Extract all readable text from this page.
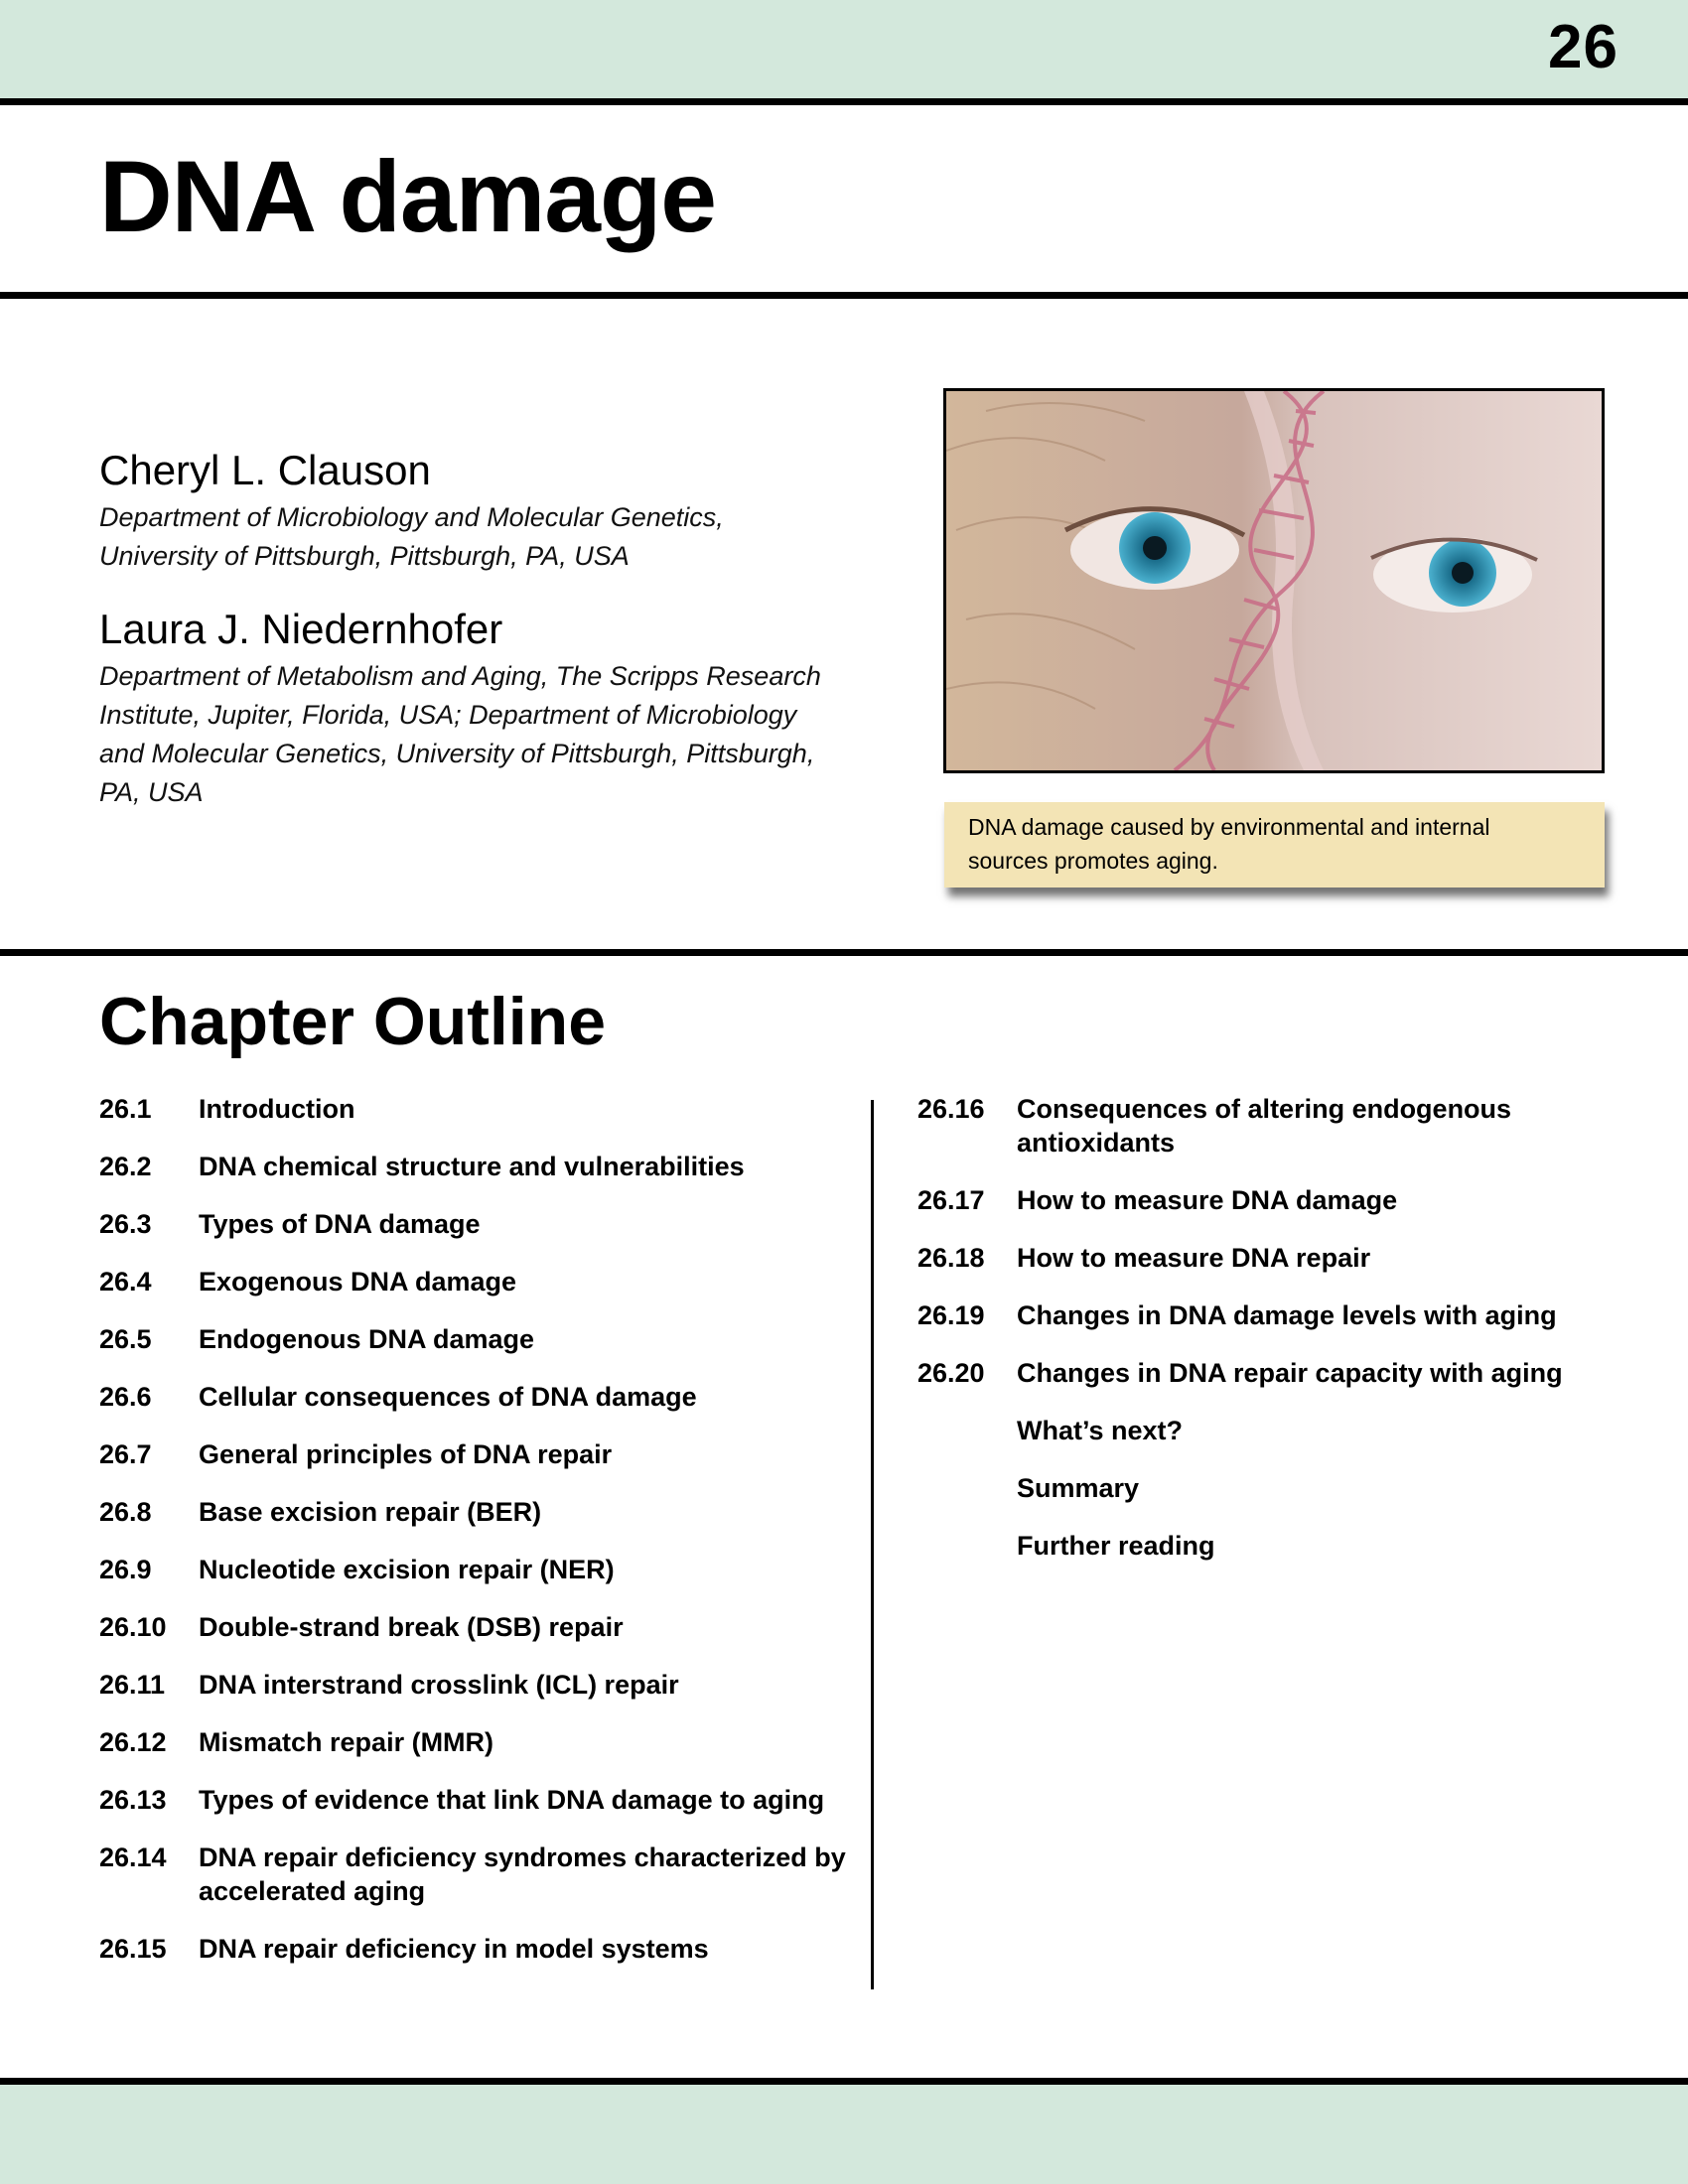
26
DNA damage

Cheryl L. Clauson

Department of Microbiology and Molecular Genetics,
University of Pittsburgh, Pittsburgh, PA, USA

Laura J. Niedernhofer

Department of Metabolism and Aging, The Scripps Research
Institute, Jupiter, Florida, USA; Department of Microbiology
and Molecular Genetics, University of Pittsburgh, Pittsburgh,
PA, USA

DNA damage caused by environmental and internal
sources promotes aging.
Chapter Outline
26.1	Introduction
26.2	DNA chemical structure and vulnerabilities
26.3	Types of DNA damage
26.4	Exogenous DNA damage
26.5	Endogenous DNA damage
26.6	Cellular consequences of DNA damage
26.7	General principles of DNA repair
26.8	Base excision repair (BER)
26.9	Nucleotide excision repair (NER)
26.10	Double-strand break (DSB) repair
26.11	DNA interstrand crosslink (ICL) repair
26.12	Mismatch repair (MMR)
26.13	Types of evidence that link DNA damage to aging
26.14	DNA repair deficiency syndromes characterized by accelerated aging
26.15	DNA repair deficiency in model systems
26.16	Consequences of altering endogenous antioxidants
26.17	How to measure DNA damage
26.18	How to measure DNA repair
26.19	Changes in DNA damage levels with aging
26.20	Changes in DNA repair capacity with aging
What’s next?
Summary
Further reading
